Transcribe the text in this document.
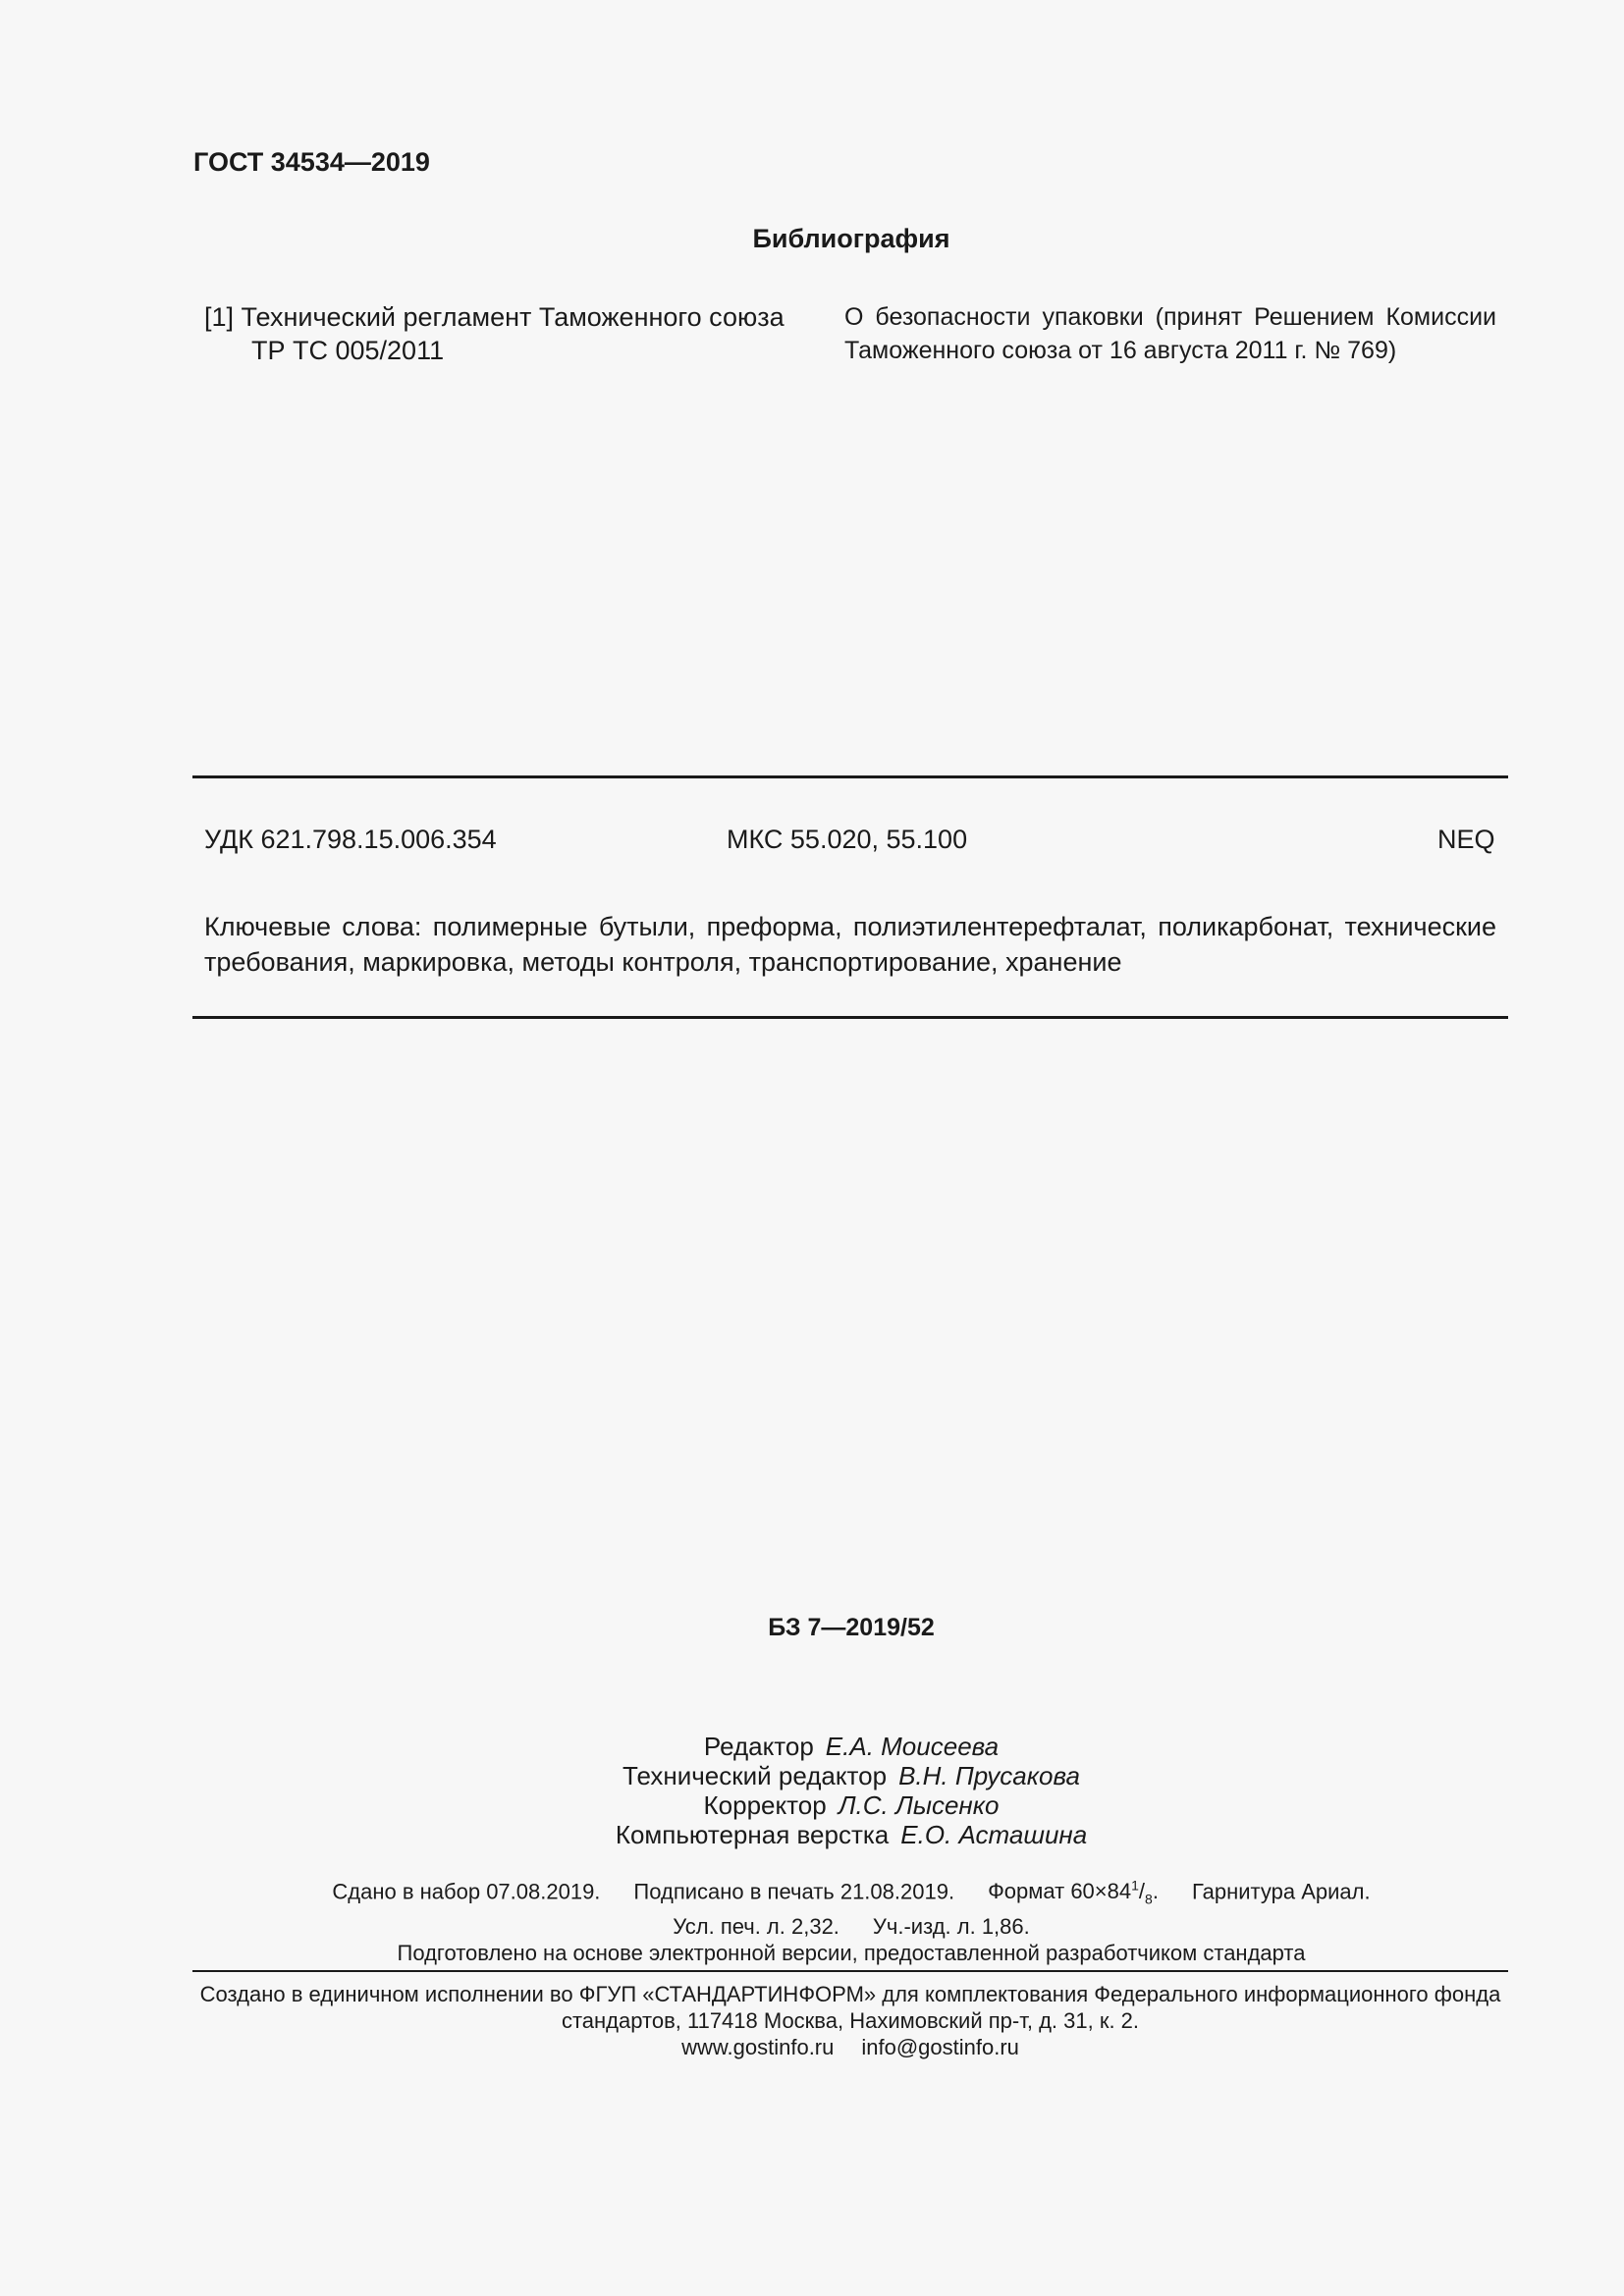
ГОСТ 34534—2019
Библиография
[1] Технический регламент Таможенного союза
ТР ТС 005/2011
О безопасности упаковки (принят Решением Комиссии Таможенного союза от 16 августа 2011 г. № 769)
УДК 621.798.15.006.354	МКС 55.020, 55.100	NEQ
Ключевые слова: полимерные бутыли, преформа, полиэтилентерефталат, поликарбонат, технические требования, маркировка, методы контроля, транспортирование, хранение
БЗ 7—2019/52
Редактор Е.А. Моисеева
Технический редактор В.Н. Прусакова
Корректор Л.С. Лысенко
Компьютерная верстка Е.О. Асташина
Сдано в набор 07.08.2019. Подписано в печать 21.08.2019. Формат $60\times 84^1/_8$. Гарнитура Ариал.
Усл. печ. л. 2,32. Уч.-изд. л. 1,86.
Подготовлено на основе электронной версии, предоставленной разработчиком стандарта
Создано в единичном исполнении во ФГУП «СТАНДАРТИНФОРМ» для комплектования Федерального информационного фонда
стандартов, 117418 Москва, Нахимовский пр-т, д. 31, к. 2.
www.gostinfo.ru info@gostinfo.ru
